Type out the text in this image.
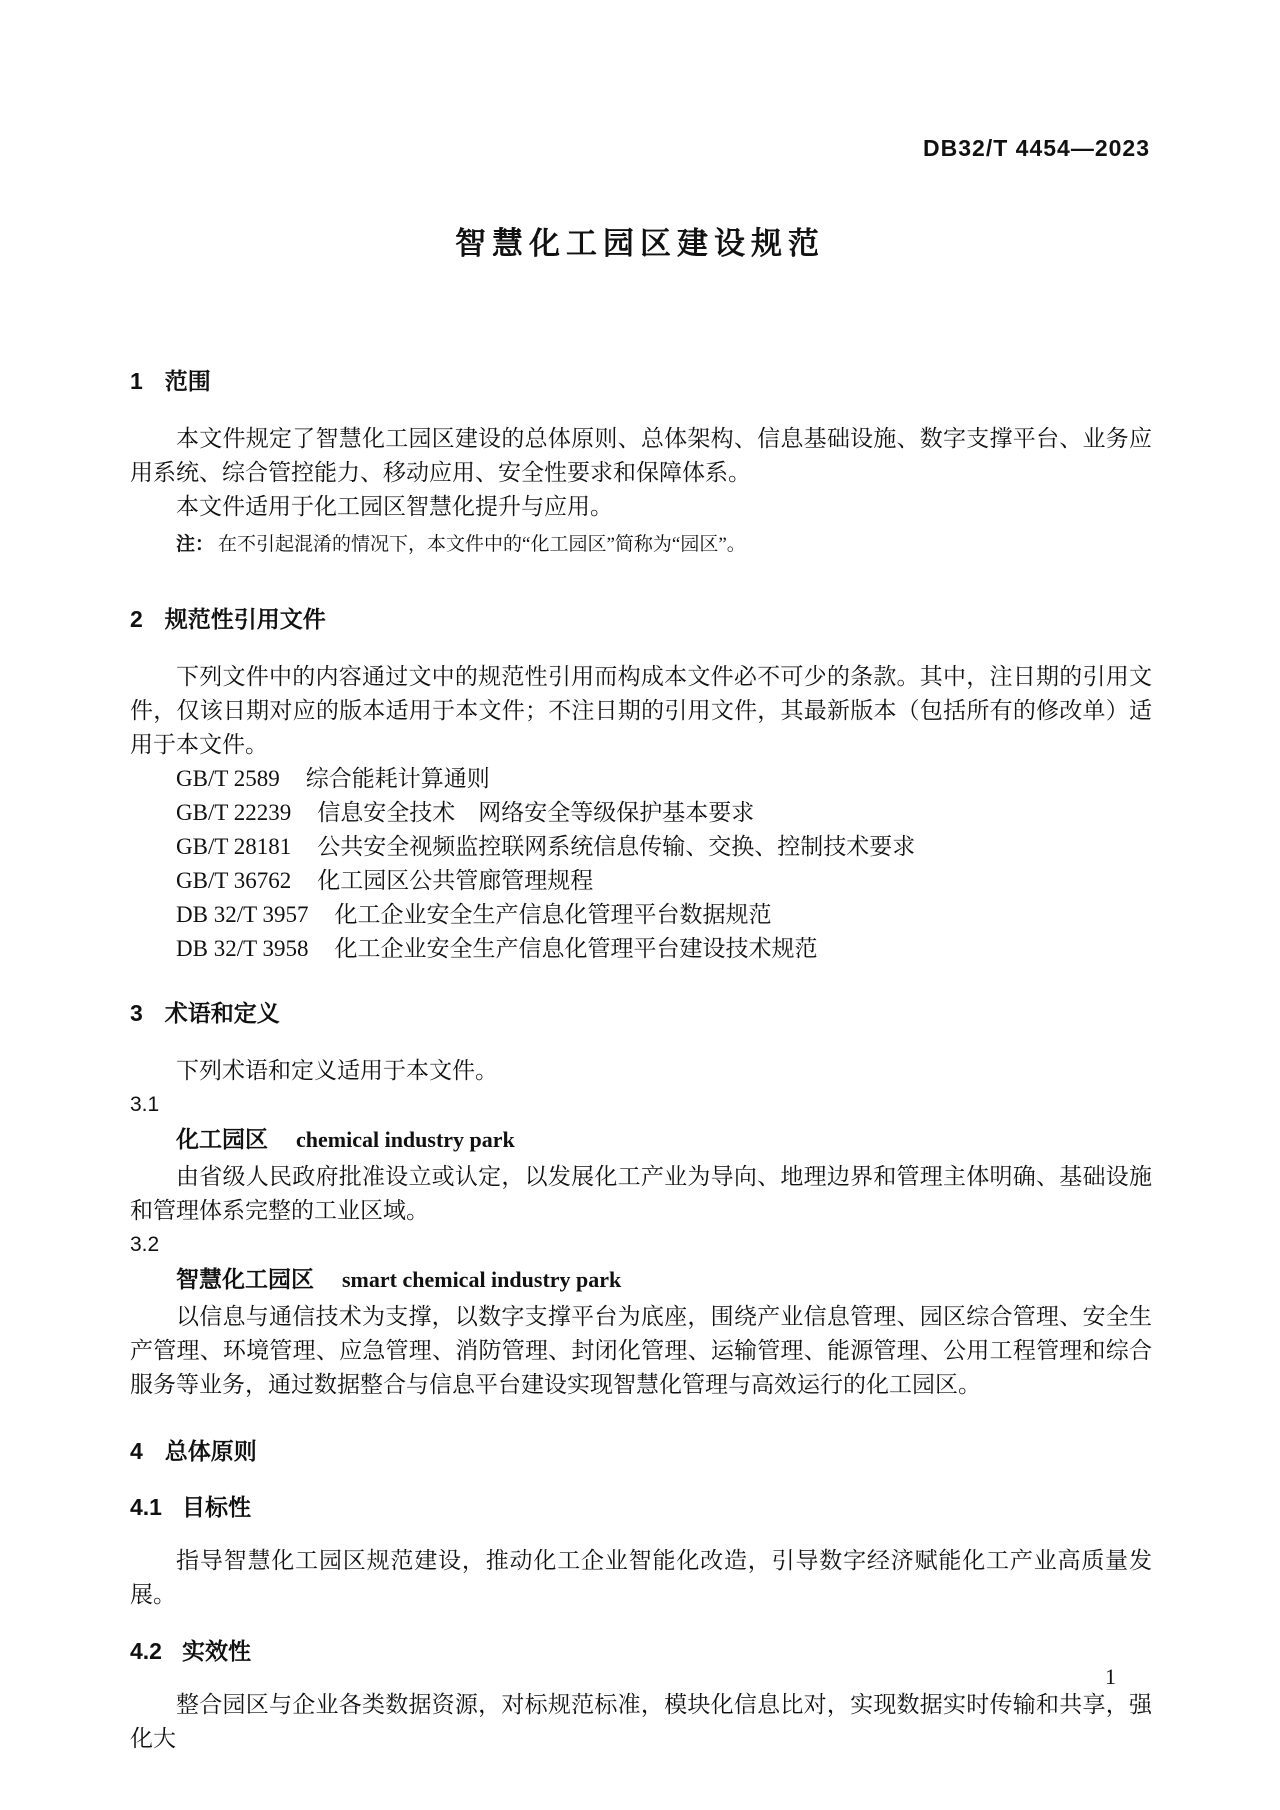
DB32/T 4454—2023
智慧化工园区建设规范
1 范围

本文件规定了智慧化工园区建设的总体原则、总体架构、信息基础设施、数字支撑平台、业务应用系统、综合管控能力、移动应用、安全性要求和保障体系。

本文件适用于化工园区智慧化提升与应用。

注： 在不引起混淆的情况下，本文件中的“化工园区”简称为“园区”。

2 规范性引用文件

下列文件中的内容通过文中的规范性引用而构成本文件必不可少的条款。其中，注日期的引用文件，仅该日期对应的版本适用于本文件；不注日期的引用文件，其最新版本（包括所有的修改单）适用于本文件。

GB/T 2589 综合能耗计算通则
GB/T 22239 信息安全技术　网络安全等级保护基本要求
GB/T 28181 公共安全视频监控联网系统信息传输、交换、控制技术要求
GB/T 36762 化工园区公共管廊管理规程
DB 32/T 3957 化工企业安全生产信息化管理平台数据规范
DB 32/T 3958 化工企业安全生产信息化管理平台建设技术规范
3 术语和定义

下列术语和定义适用于本文件。

3.1
化工园区 chemical industry park

由省级人民政府批准设立或认定，以发展化工产业为导向、地理边界和管理主体明确、基础设施和管理体系完整的工业区域。

3.2
智慧化工园区 smart chemical industry park

以信息与通信技术为支撑，以数字支撑平台为底座，围绕产业信息管理、园区综合管理、安全生产管理、环境管理、应急管理、消防管理、封闭化管理、运输管理、能源管理、公用工程管理和综合服务等业务，通过数据整合与信息平台建设实现智慧化管理与高效运行的化工园区。

4 总体原则
4.1 目标性

指导智慧化工园区规范建设，推动化工企业智能化改造，引导数字经济赋能化工产业高质量发展。

4.2 实效性

整合园区与企业各类数据资源，对标规范标准，模块化信息比对，实现数据实时传输和共享，强化大

1
